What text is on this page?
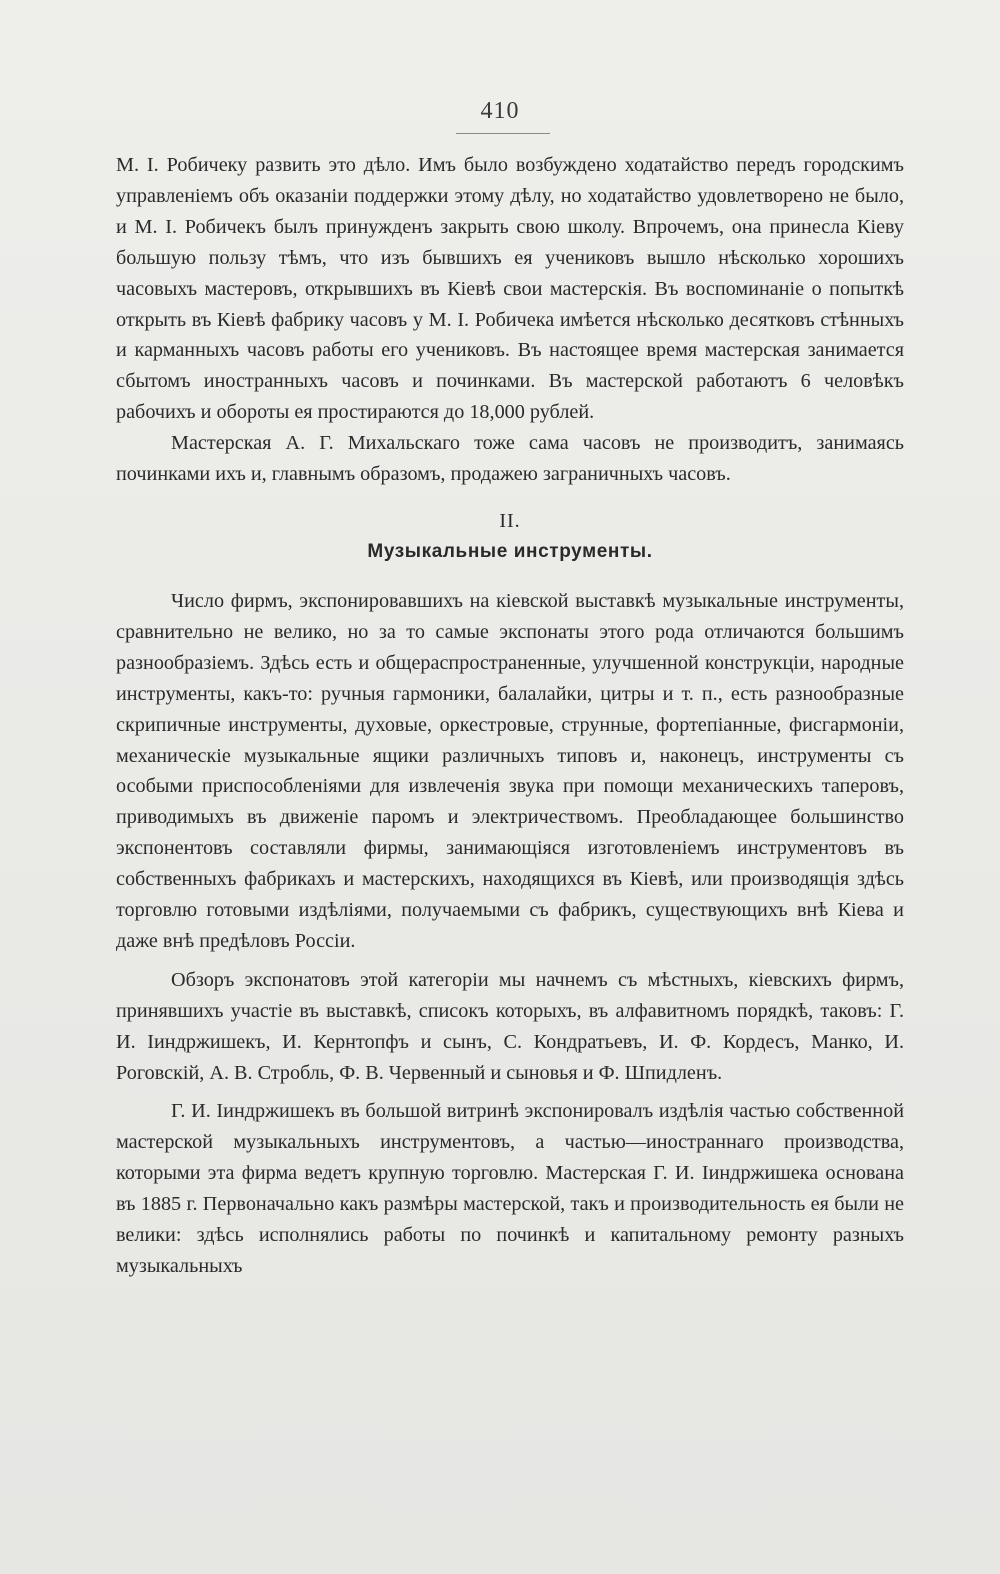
410

М. I. Робичеку развить это дѣло. Имъ было возбуждено ходатайство передъ городскимъ управленіемъ объ оказаніи поддержки этому дѣлу, но ходатайство удовлетворено не было, и М. I. Робичекъ былъ принужденъ закрыть свою школу. Впрочемъ, она принесла Кіеву большую пользу тѣмъ, что изъ бывшихъ ея учениковъ вышло нѣсколько хорошихъ часовыхъ мастеровъ, открывшихъ въ Кіевѣ свои мастерскія. Въ воспоминаніе о попыткѣ открыть въ Кіевѣ фабрику часовъ у М. I. Робичека имѣется нѣсколько десятковъ стѣнныхъ и карманныхъ часовъ работы его учениковъ. Въ настоящее время мастерская занимается сбытомъ иностранныхъ часовъ и починками. Въ мастерской работаютъ 6 человѣкъ рабочихъ и обороты ея простираются до 18,000 рублей.

Мастерская А. Г. Михальскаго тоже сама часовъ не производитъ, занимаясь починками ихъ и, главнымъ образомъ, продажею заграничныхъ часовъ.

II.
Музыкальные инструменты.

Число фирмъ, экспонировавшихъ на кіевской выставкѣ музыкальные инструменты, сравнительно не велико, но за то самые экспонаты этого рода отличаются большимъ разнообразіемъ. Здѣсь есть и общераспространенные, улучшенной конструкціи, народные инструменты, какъ-то: ручныя гармоники, балалайки, цитры и т. п., есть разнообразные скрипичные инструменты, духовые, оркестровые, струнные, фортепіанные, фисгармоніи, механическіе музыкальные ящики различныхъ типовъ и, наконецъ, инструменты съ особыми приспособленіями для извлеченія звука при помощи механическихъ таперовъ, приводимыхъ въ движеніе паромъ и электричествомъ. Преобладающее большинство экспонентовъ составляли фирмы, занимающіяся изготовленіемъ инструментовъ въ собственныхъ фабрикахъ и мастерскихъ, находящихся въ Кіевѣ, или производящія здѣсь торговлю готовыми издѣліями, получаемыми съ фабрикъ, существующихъ внѣ Кіева и даже внѣ предѣловъ Россіи.

Обзоръ экспонатовъ этой категоріи мы начнемъ съ мѣстныхъ, кіевскихъ фирмъ, принявшихъ участіе въ выставкѣ, списокъ которыхъ, въ алфавитномъ порядкѣ, таковъ: Г. И. Іиндржишекъ, И. Кернтопфъ и сынъ, С. Кондратьевъ, И. Ф. Кордесъ, Манко, И. Роговскій, А. В. Стробль, Ф. В. Червенный и сыновья и Ф. Шпидленъ.

Г. И. Іиндржишекъ въ большой витринѣ экспонировалъ издѣлія частью собственной мастерской музыкальныхъ инструментовъ, а частью—иностраннаго производства, которыми эта фирма ведетъ крупную торговлю. Мастерская Г. И. Іиндржишека основана въ 1885 г. Первоначально какъ размѣры мастерской, такъ и производительность ея были не велики: здѣсь исполнялись работы по починкѣ и капитальному ремонту разныхъ музыкальныхъ
